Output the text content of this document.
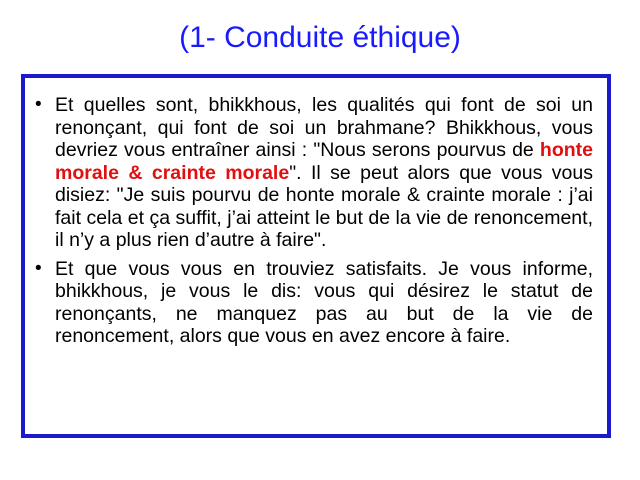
(1- Conduite éthique)
• Et quelles sont, bhikkhous, les qualités qui font de soi un renonçant, qui font de soi un brahmane? Bhikkhous, vous devriez vous entraîner ainsi : "Nous serons pourvus de honte morale & crainte morale". Il se peut alors que vous vous disiez: "Je suis pourvu de honte morale & crainte morale : j’ai fait cela et ça suffit, j’ai atteint le but de la vie de renoncement, il n’y a plus rien d’autre à faire".
• Et que vous vous en trouviez satisfaits. Je vous informe, bhikkhous, je vous le dis: vous qui désirez le statut de renonçants, ne manquez pas au but de la vie de renoncement, alors que vous en avez encore à faire.
